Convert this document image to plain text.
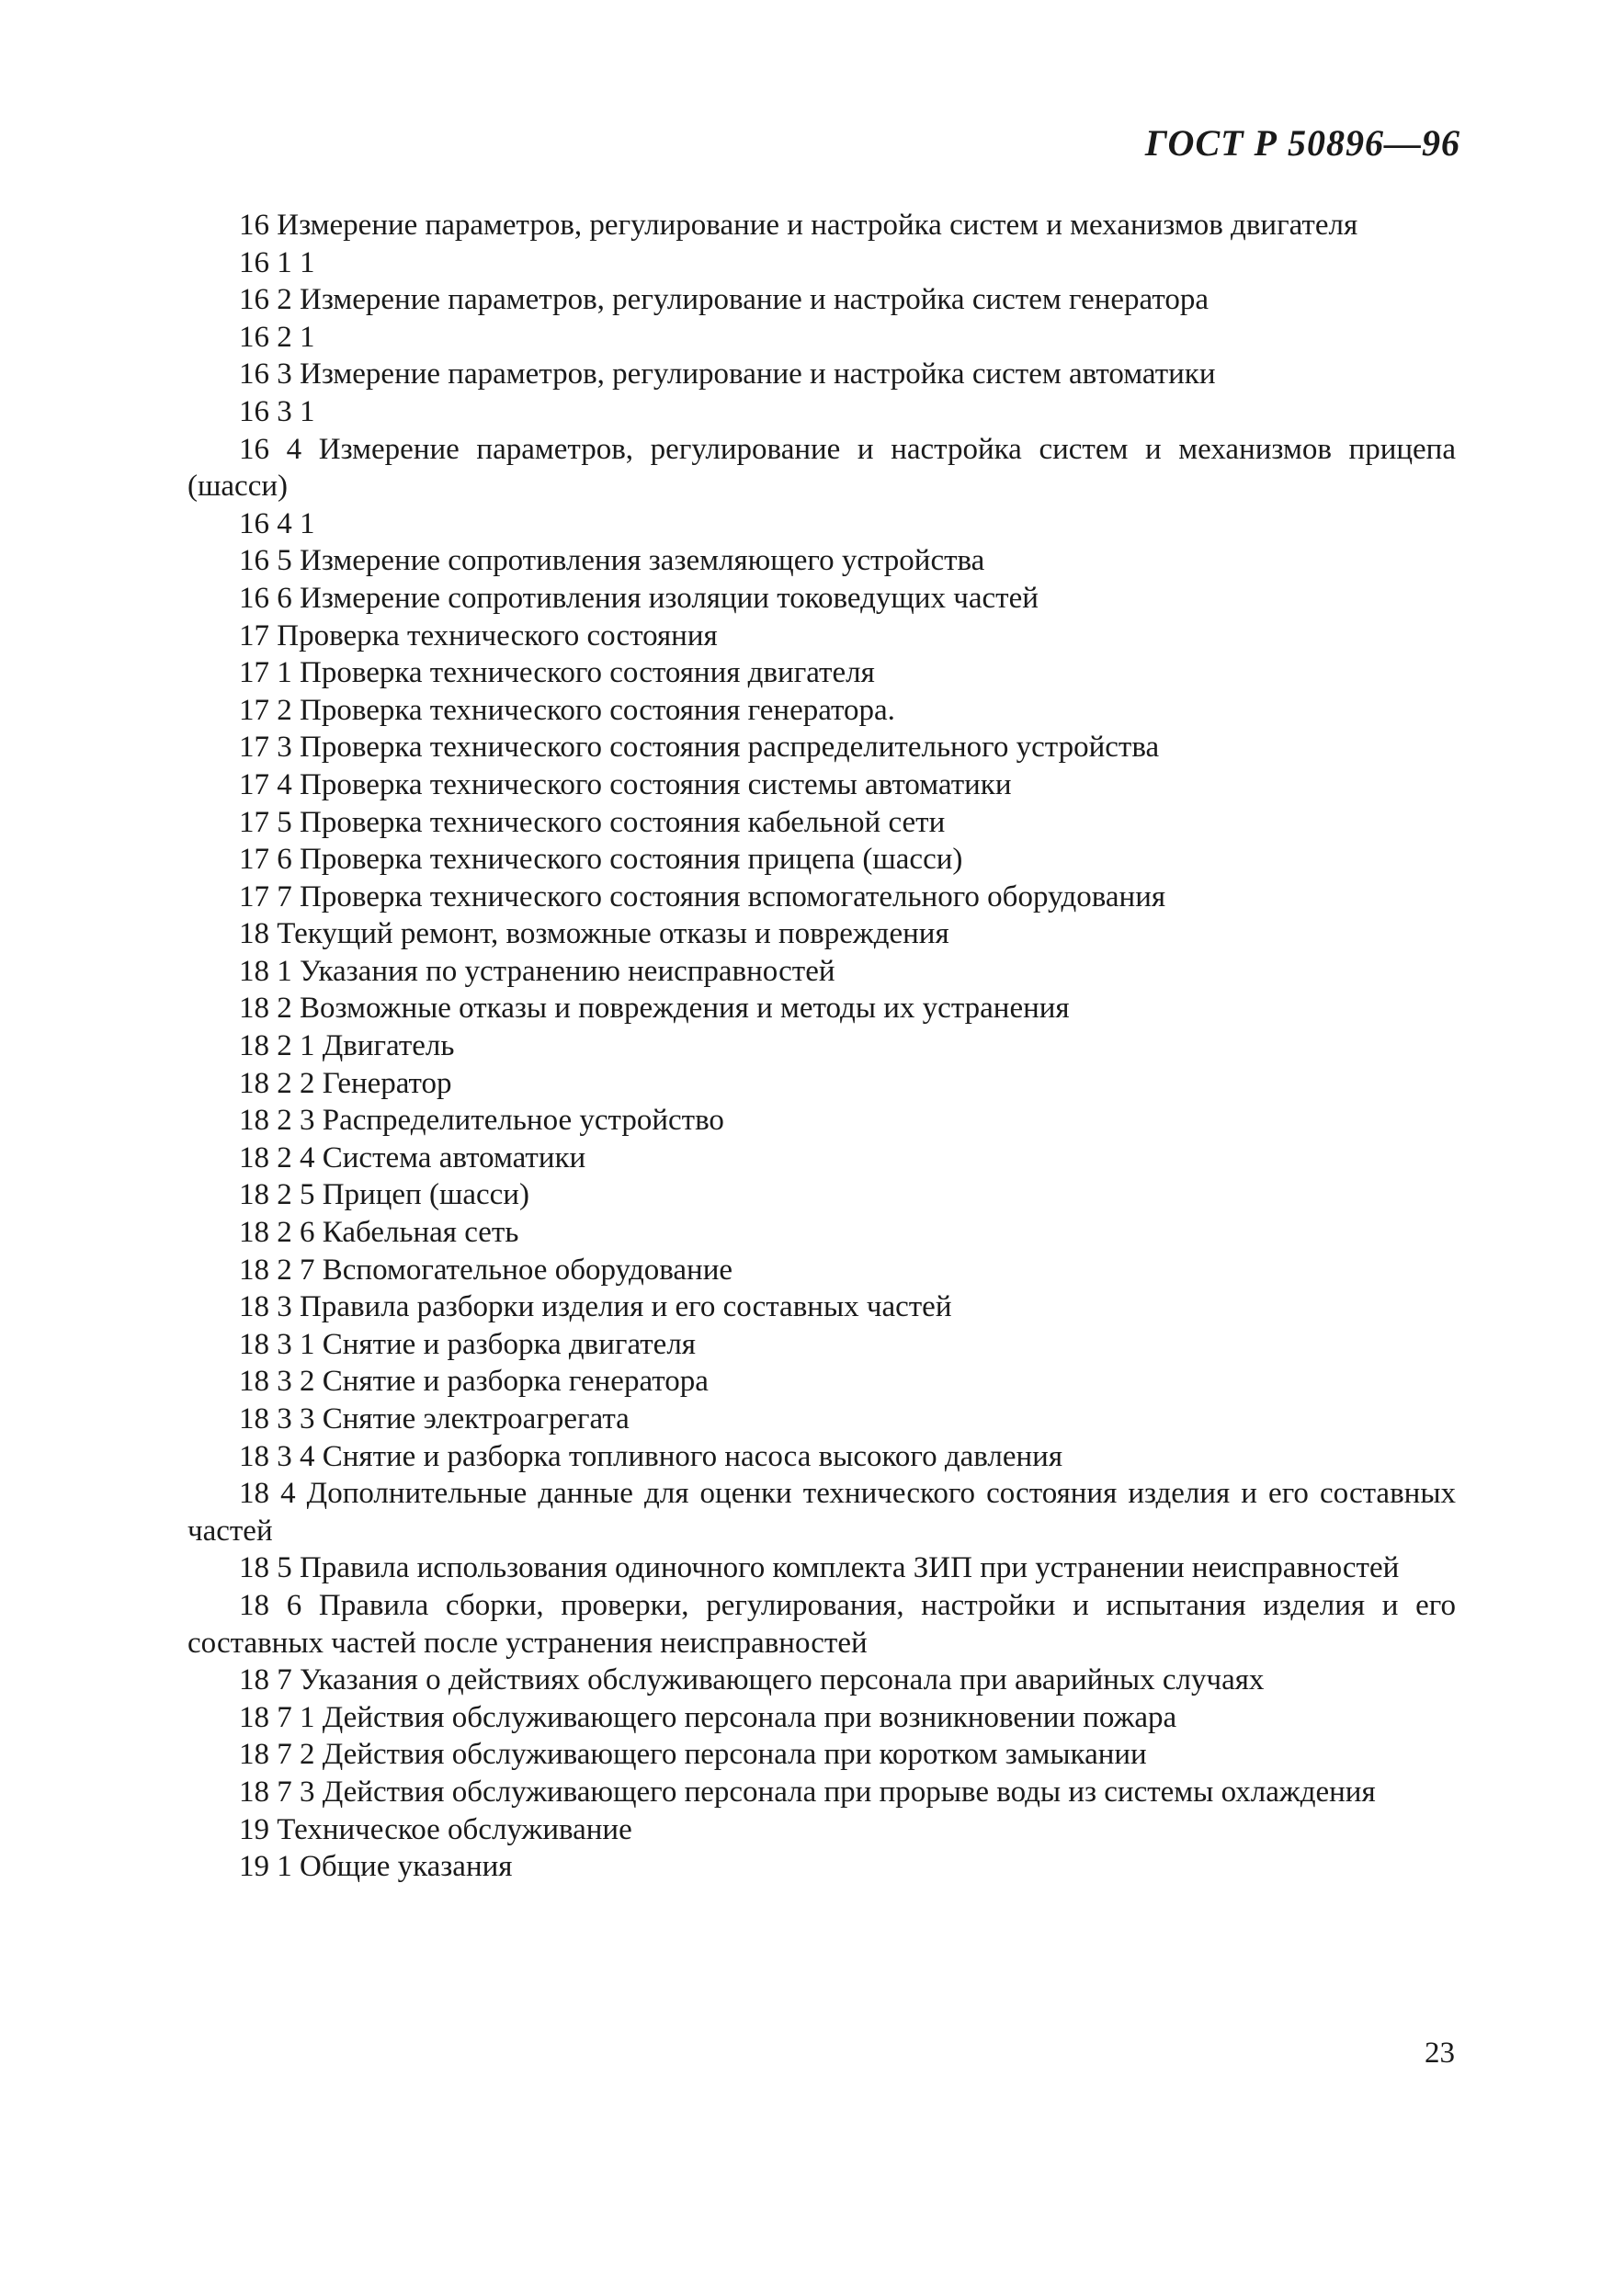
ГОСТ Р 50896—96

16 Измерение параметров, регулирование и настройка систем и механизмов двигателя

16 1 1

16 2 Измерение параметров, регулирование и настройка систем генератора

16 2 1

16 3 Измерение параметров, регулирование и настройка систем автоматики

16 3 1

16 4 Измерение параметров, регулирование и настройка систем и механизмов прицепа (шасси)

16 4 1

16 5 Измерение сопротивления заземляющего устройства

16 6 Измерение сопротивления изоляции токоведущих частей

17 Проверка технического состояния

17 1 Проверка технического состояния двигателя

17 2 Проверка технического состояния генератора.

17 3 Проверка технического состояния распределительного устройства

17 4 Проверка технического состояния системы автоматики

17 5 Проверка технического состояния кабельной сети

17 6 Проверка технического состояния прицепа (шасси)

17 7 Проверка технического состояния вспомогательного оборудования

18 Текущий ремонт, возможные отказы и повреждения

18 1 Указания по устранению неисправностей

18 2 Возможные отказы и повреждения и методы их устранения

18 2 1 Двигатель

18 2 2 Генератор

18 2 3 Распределительное устройство

18 2 4 Система автоматики

18 2 5 Прицеп (шасси)

18 2 6 Кабельная сеть

18 2 7 Вспомогательное оборудование

18 3 Правила разборки изделия и его составных частей

18 3 1 Снятие и разборка двигателя

18 3 2 Снятие и разборка генератора

18 3 3 Снятие электроагрегата

18 3 4 Снятие и разборка топливного насоса высокого давления

18 4 Дополнительные данные для оценки технического состояния изделия и его составных частей

18 5 Правила использования одиночного комплекта ЗИП при устранении неисправностей

18 6 Правила сборки, проверки, регулирования, настройки и испытания изделия и его составных частей после устранения неисправностей

18 7 Указания о действиях обслуживающего персонала при аварийных случаях

18 7 1 Действия обслуживающего персонала при возникновении пожара

18 7 2 Действия обслуживающего персонала при коротком замыкании

18 7 3 Действия обслуживающего персонала при прорыве воды из системы охлаждения

19 Техническое обслуживание

19 1 Общие указания

23
